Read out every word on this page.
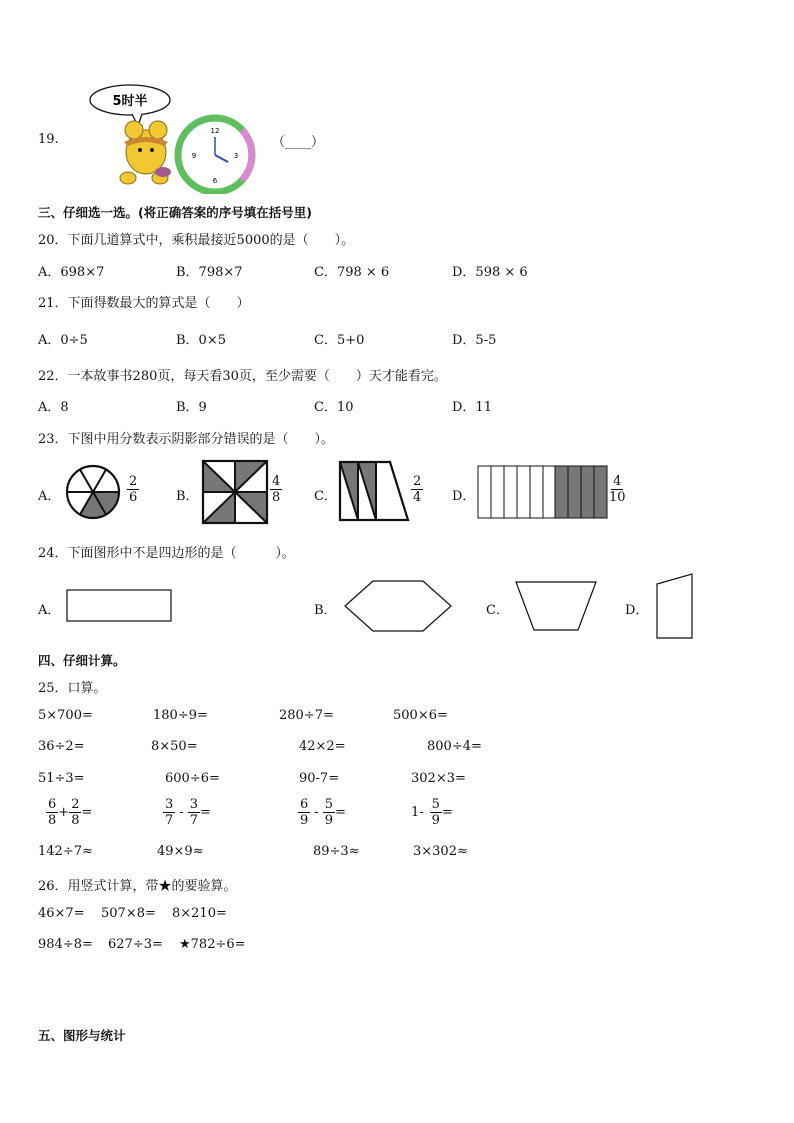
19.
5时半
12
3
6
9
（____）
三、仔细选一选。(将正确答案的序号填在括号里)
20．下面几道算式中，乘积最接近5000的是（　　）。
A．698×7	B．798×7	C．798 × 6	D．598 × 6
21．下面得数最大的算式是（　　）
A．0÷5	B．0×5	C．5+0	D．5-5
22．一本故事书280页，每天看30页，至少需要（　　）天才能看完。
A．8	B．9	C．10	D．11
23．下图中用分数表示阴影部分错误的是（　　）。
A．	$\frac{2}{6}$	B．	$\frac{4}{8}$ C．	$\frac{2}{4}$ D．	$\frac{4}{10}$
24．下面图形中不是四边形的是（　　　）。
A．	B．	C．	D．
四、仔细计算。
25．口算。
5×700=	180÷9=	280÷7=	500×6=
36÷2=	8×50=	42×2=	800÷4=
51÷3=	600÷6=	90-7=	302×3=
$\frac{6}{8} + \frac{2}{8}$ =	$\frac{3}{7} - \frac{3}{7}$ =	$\frac{6}{9} - \frac{5}{9}$ =	$1- \frac{5}{9}$ =
142÷7≈	49×9≈	89÷3≈	3×302≈
26．用竖式计算，带★的要验算。
46×7= 507×8= 8×210=
984÷8= 627÷3= ★782÷6=
五、图形与统计
